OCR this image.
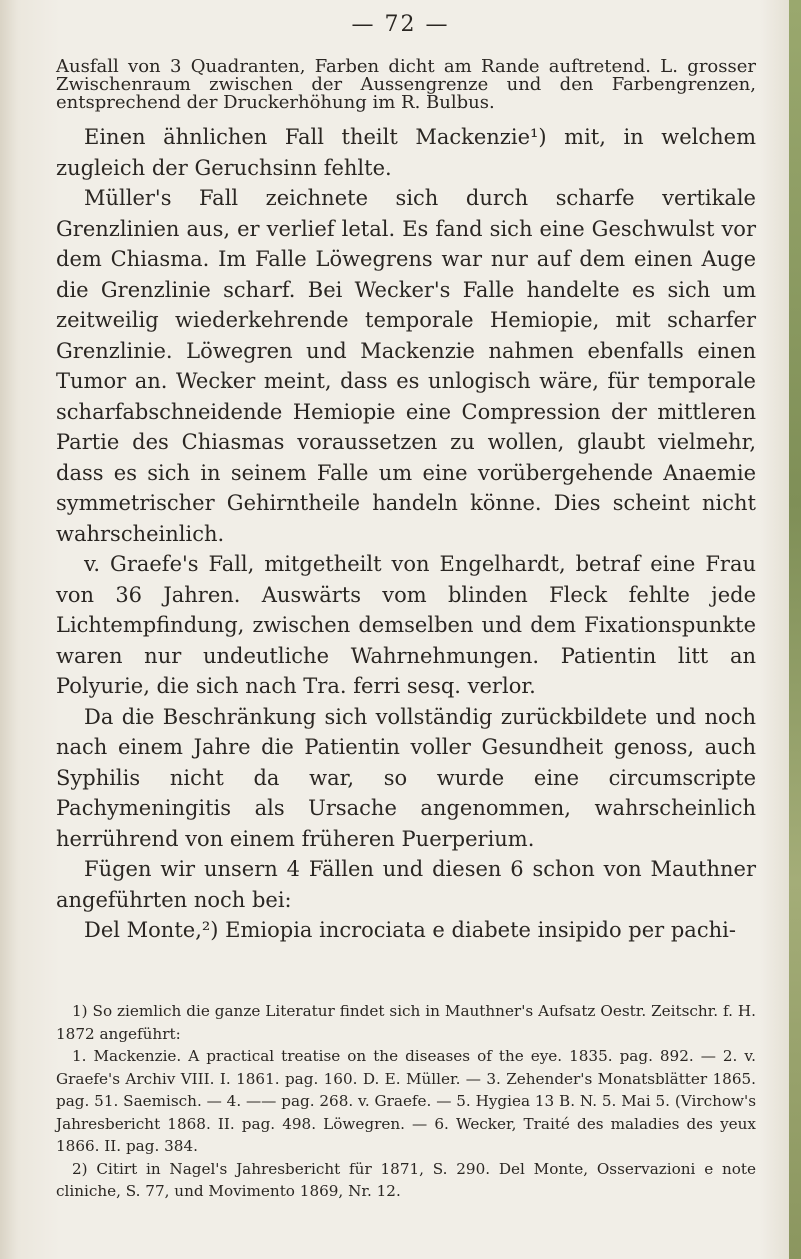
— 72 —

Ausfall von 3 Quadranten, Farben dicht am Rande auftretend. L. grosser Zwischenraum zwischen der Aussengrenze und den Farbengrenzen, entsprechend der Druckerhöhung im R. Bulbus.

Einen ähnlichen Fall theilt Mackenzie¹) mit, in welchem zugleich der Geruchsinn fehlte.

Müller's Fall zeichnete sich durch scharfe vertikale Grenzlinien aus, er verlief letal. Es fand sich eine Geschwulst vor dem Chiasma. Im Falle Löwegrens war nur auf dem einen Auge die Grenzlinie scharf. Bei Wecker's Falle handelte es sich um zeitweilig wiederkehrende temporale Hemiopie, mit scharfer Grenzlinie. Löwegren und Mackenzie nahmen ebenfalls einen Tumor an. Wecker meint, dass es unlogisch wäre, für temporale scharfabschneidende Hemiopie eine Compression der mittleren Partie des Chiasmas voraussetzen zu wollen, glaubt vielmehr, dass es sich in seinem Falle um eine vorübergehende Anaemie symmetrischer Gehirntheile handeln könne. Dies scheint nicht wahrscheinlich.

v. Graefe's Fall, mitgetheilt von Engelhardt, betraf eine Frau von 36 Jahren. Auswärts vom blinden Fleck fehlte jede Lichtempfindung, zwischen demselben und dem Fixationspunkte waren nur undeutliche Wahrnehmungen. Patientin litt an Polyurie, die sich nach Tra. ferri sesq. verlor.

Da die Beschränkung sich vollständig zurückbildete und noch nach einem Jahre die Patientin voller Gesundheit genoss, auch Syphilis nicht da war, so wurde eine circumscripte Pachymeningitis als Ursache angenommen, wahrscheinlich herrührend von einem früheren Puerperium.

Fügen wir unsern 4 Fällen und diesen 6 schon von Mauthner angeführten noch bei:

Del Monte,²) Emiopia incrociata e diabete insipido per pachi-

1) So ziemlich die ganze Literatur findet sich in Mauthner's Aufsatz Oestr. Zeitschr. f. H. 1872 angeführt:

1. Mackenzie. A practical treatise on the diseases of the eye. 1835. pag. 892. — 2. v. Graefe's Archiv VIII. I. 1861. pag. 160. D. E. Müller. — 3. Zehender's Monatsblätter 1865. pag. 51. Saemisch. — 4. —— pag. 268. v. Graefe. — 5. Hygiea 13 B. N. 5. Mai 5. (Virchow's Jahresbericht 1868. II. pag. 498. Löwegren. — 6. Wecker, Traité des maladies des yeux 1866. II. pag. 384.

2) Citirt in Nagel's Jahresbericht für 1871, S. 290. Del Monte, Osservazioni e note cliniche, S. 77, und Movimento 1869, Nr. 12.
